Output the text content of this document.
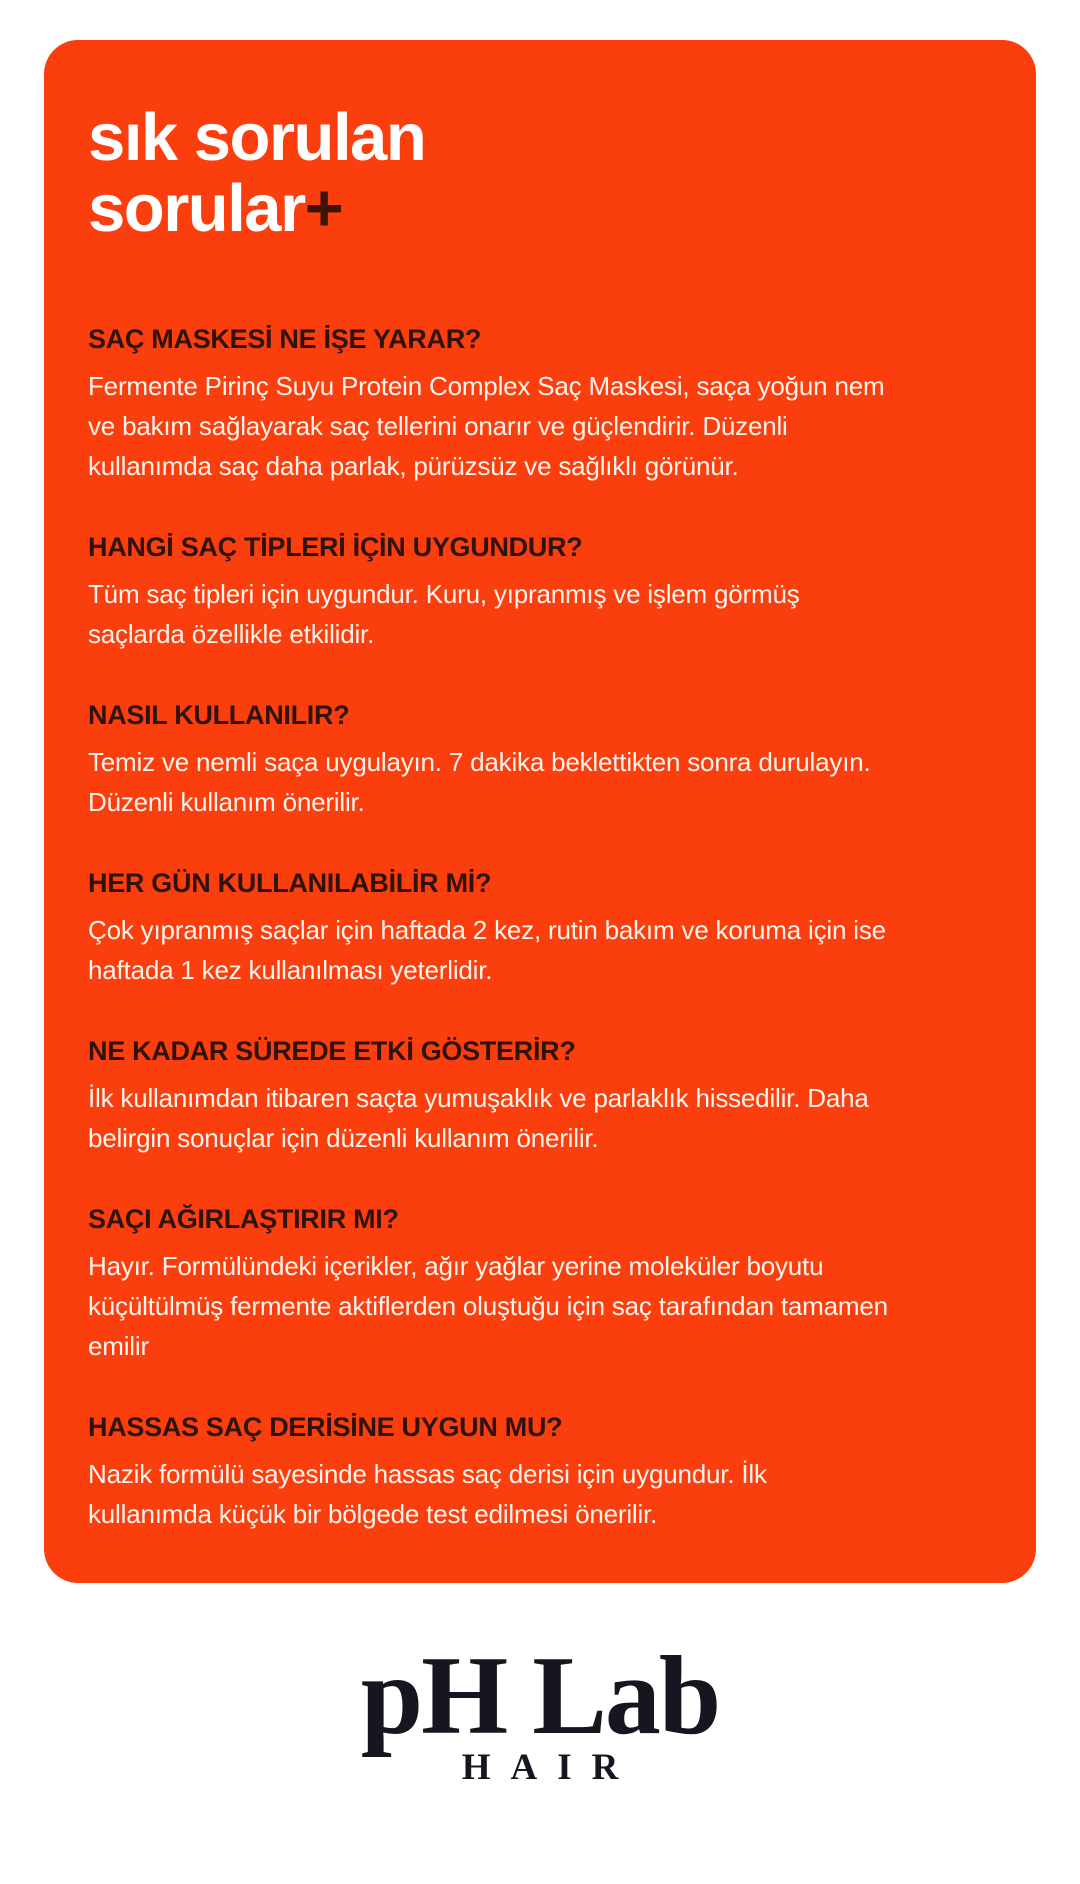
sık sorulan
sorular+
SAÇ MASKESİ NE İŞE YARAR?
Fermente Pirinç Suyu Protein Complex Saç Maskesi, saça yoğun nem ve bakım sağlayarak saç tellerini onarır ve güçlendirir. Düzenli kullanımda saç daha parlak, pürüzsüz ve sağlıklı görünür.
HANGİ SAÇ TİPLERİ İÇİN UYGUNDUR?
Tüm saç tipleri için uygundur. Kuru, yıpranmış ve işlem görmüş saçlarda özellikle etkilidir.
NASIL KULLANILIR?
Temiz ve nemli saça uygulayın. 7 dakika beklettikten sonra durulayın. Düzenli kullanım önerilir.
HER GÜN KULLANILABİLİR Mİ?
Çok yıpranmış saçlar için haftada 2 kez, rutin bakım ve koruma için ise haftada 1 kez kullanılması yeterlidir.
NE KADAR SÜREDE ETKİ GÖSTERİR?
İlk kullanımdan itibaren saçta yumuşaklık ve parlaklık hissedilir. Daha belirgin sonuçlar için düzenli kullanım önerilir.
SAÇI AĞIRLAŞTIRIR MI?
Hayır. Formülündeki içerikler, ağır yağlar yerine moleküler boyutu küçültülmüş fermente aktiflerden oluştuğu için saç tarafından tamamen emilir
HASSAS SAÇ DERİSİNE UYGUN MU?
Nazik formülü sayesinde hassas saç derisi için uygundur. İlk kullanımda küçük bir bölgede test edilmesi önerilir.
pH Lab
HAIR
